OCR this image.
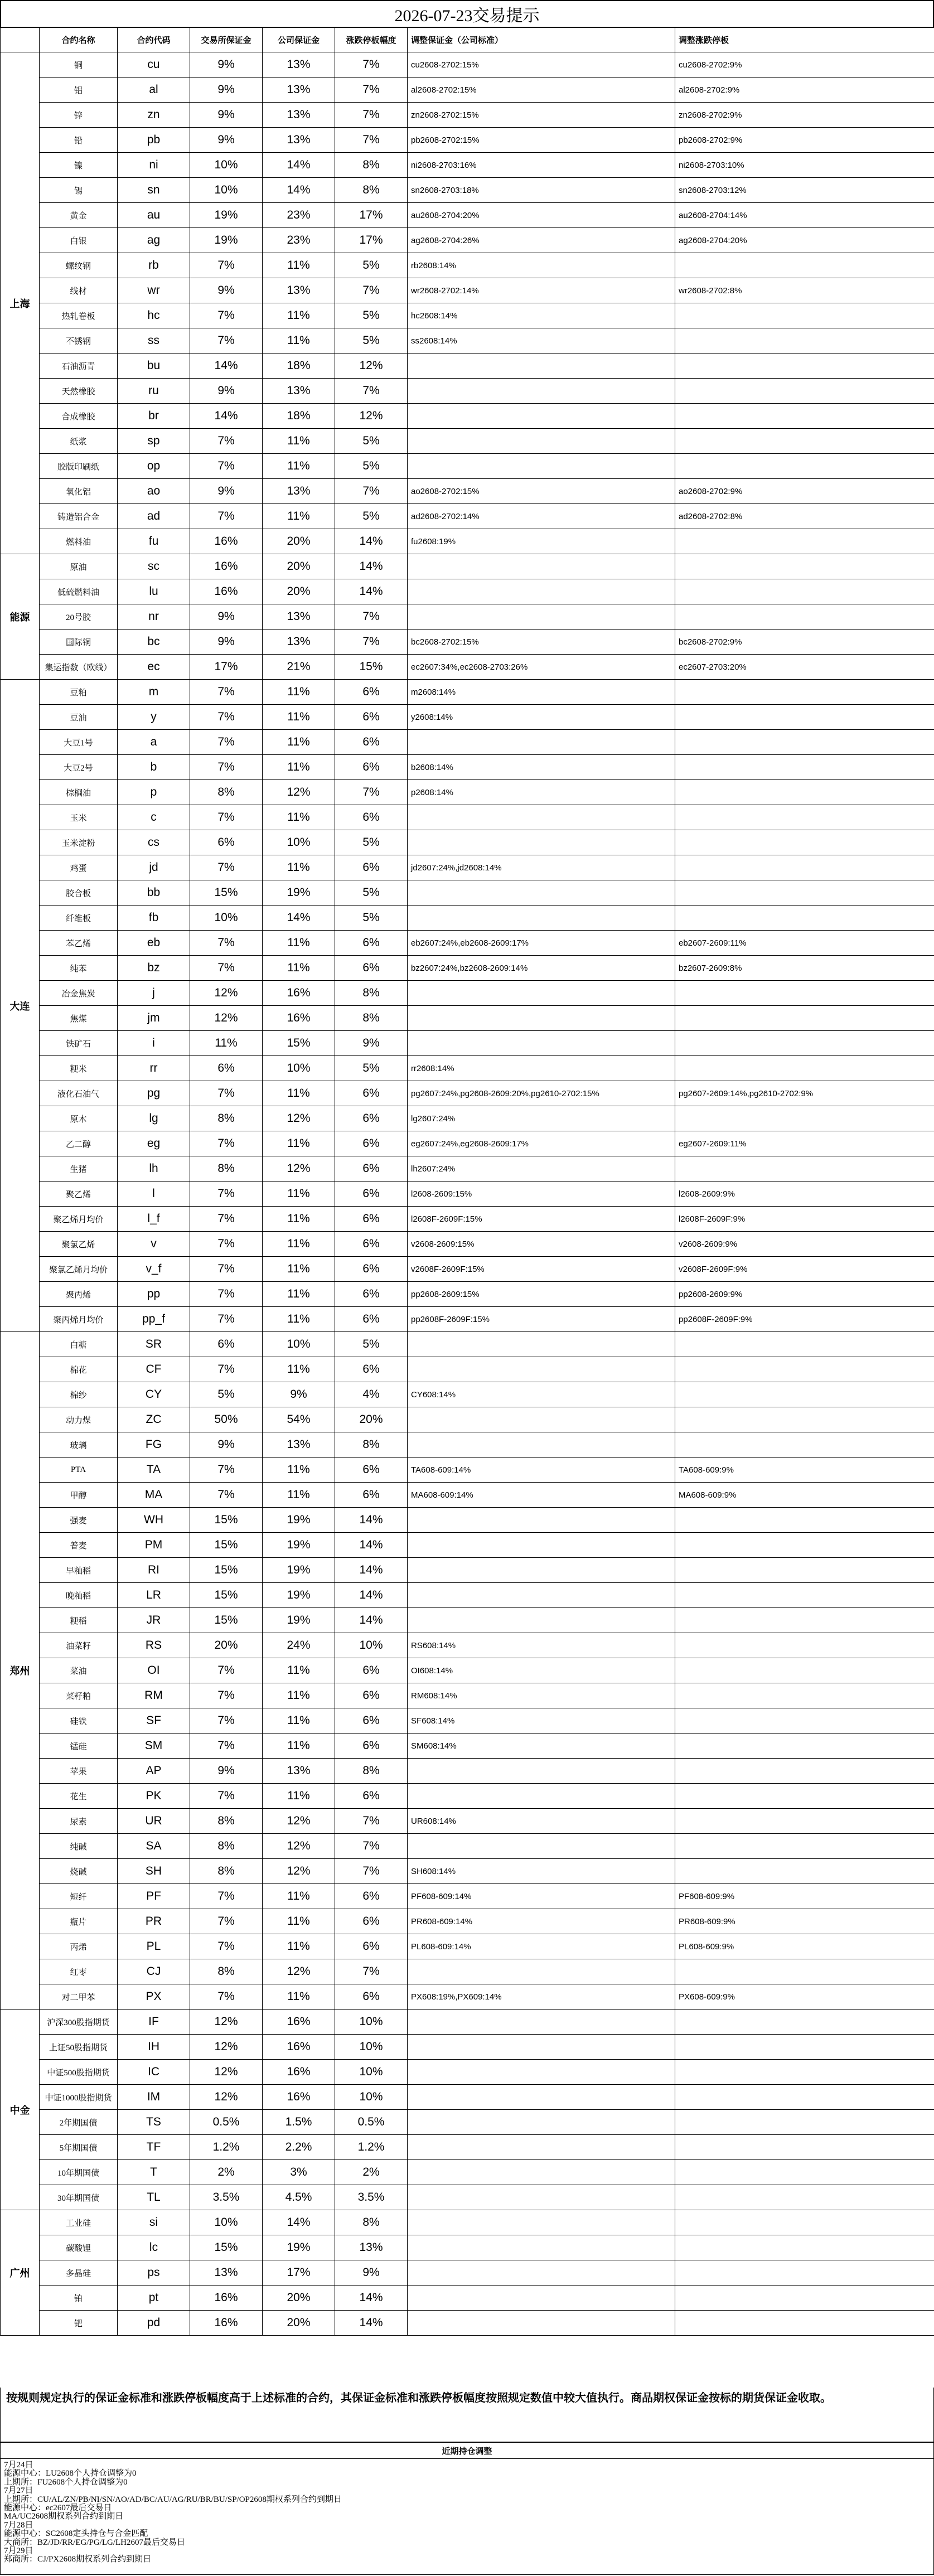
2026-07-23交易提示
	合约名称	合约代码	交易所保证金	公司保证金	涨跌停板幅度	调整保证金（公司标准）	调整涨跌停板
上海	铜	cu	9%	13%	7%	cu2608-2702:15%	cu2608-2702:9%
	铝	al	9%	13%	7%	al2608-2702:15%	al2608-2702:9%
	锌	zn	9%	13%	7%	zn2608-2702:15%	zn2608-2702:9%
	铅	pb	9%	13%	7%	pb2608-2702:15%	pb2608-2702:9%
	镍	ni	10%	14%	8%	ni2608-2703:16%	ni2608-2703:10%
	锡	sn	10%	14%	8%	sn2608-2703:18%	sn2608-2703:12%
	黄金	au	19%	23%	17%	au2608-2704:20%	au2608-2704:14%
	白银	ag	19%	23%	17%	ag2608-2704:26%	ag2608-2704:20%
	螺纹钢	rb	7%	11%	5%	rb2608:14%	
	线材	wr	9%	13%	7%	wr2608-2702:14%	wr2608-2702:8%
	热轧卷板	hc	7%	11%	5%	hc2608:14%	
	不锈钢	ss	7%	11%	5%	ss2608:14%	
	石油沥青	bu	14%	18%	12%		
	天然橡胶	ru	9%	13%	7%		
	合成橡胶	br	14%	18%	12%		
	纸浆	sp	7%	11%	5%		
	胶版印刷纸	op	7%	11%	5%		
	氧化铝	ao	9%	13%	7%	ao2608-2702:15%	ao2608-2702:9%
	铸造铝合金	ad	7%	11%	5%	ad2608-2702:14%	ad2608-2702:8%
	燃料油	fu	16%	20%	14%	fu2608:19%	
能源	原油	sc	16%	20%	14%		
	低硫燃料油	lu	16%	20%	14%		
	20号胶	nr	9%	13%	7%		
	国际铜	bc	9%	13%	7%	bc2608-2702:15%	bc2608-2702:9%
	集运指数（欧线）	ec	17%	21%	15%	ec2607:34%,ec2608-2703:26%	ec2607-2703:20%
大连	豆粕	m	7%	11%	6%	m2608:14%	
	豆油	y	7%	11%	6%	y2608:14%	
	大豆1号	a	7%	11%	6%		
	大豆2号	b	7%	11%	6%	b2608:14%	
	棕榈油	p	8%	12%	7%	p2608:14%	
	玉米	c	7%	11%	6%		
	玉米淀粉	cs	6%	10%	5%		
	鸡蛋	jd	7%	11%	6%	jd2607:24%,jd2608:14%	
	胶合板	bb	15%	19%	5%		
	纤维板	fb	10%	14%	5%		
	苯乙烯	eb	7%	11%	6%	eb2607:24%,eb2608-2609:17%	eb2607-2609:11%
	纯苯	bz	7%	11%	6%	bz2607:24%,bz2608-2609:14%	bz2607-2609:8%
	冶金焦炭	j	12%	16%	8%		
	焦煤	jm	12%	16%	8%		
	铁矿石	i	11%	15%	9%		
	粳米	rr	6%	10%	5%	rr2608:14%	
	液化石油气	pg	7%	11%	6%	pg2607:24%,pg2608-2609:20%,pg2610-2702:15%	pg2607-2609:14%,pg2610-2702:9%
	原木	lg	8%	12%	6%	lg2607:24%	
	乙二醇	eg	7%	11%	6%	eg2607:24%,eg2608-2609:17%	eg2607-2609:11%
	生猪	lh	8%	12%	6%	lh2607:24%	
	聚乙烯	l	7%	11%	6%	l2608-2609:15%	l2608-2609:9%
	聚乙烯月均价	l_f	7%	11%	6%	l2608F-2609F:15%	l2608F-2609F:9%
	聚氯乙烯	v	7%	11%	6%	v2608-2609:15%	v2608-2609:9%
	聚氯乙烯月均价	v_f	7%	11%	6%	v2608F-2609F:15%	v2608F-2609F:9%
	聚丙烯	pp	7%	11%	6%	pp2608-2609:15%	pp2608-2609:9%
	聚丙烯月均价	pp_f	7%	11%	6%	pp2608F-2609F:15%	pp2608F-2609F:9%
郑州	白糖	SR	6%	10%	5%		
	棉花	CF	7%	11%	6%		
	棉纱	CY	5%	9%	4%	CY608:14%	
	动力煤	ZC	50%	54%	20%		
	玻璃	FG	9%	13%	8%		
	PTA	TA	7%	11%	6%	TA608-609:14%	TA608-609:9%
	甲醇	MA	7%	11%	6%	MA608-609:14%	MA608-609:9%
	强麦	WH	15%	19%	14%		
	普麦	PM	15%	19%	14%		
	早籼稻	RI	15%	19%	14%		
	晚籼稻	LR	15%	19%	14%		
	粳稻	JR	15%	19%	14%		
	油菜籽	RS	20%	24%	10%	RS608:14%	
	菜油	OI	7%	11%	6%	OI608:14%	
	菜籽粕	RM	7%	11%	6%	RM608:14%	
	硅铁	SF	7%	11%	6%	SF608:14%	
	锰硅	SM	7%	11%	6%	SM608:14%	
	苹果	AP	9%	13%	8%		
	花生	PK	7%	11%	6%		
	尿素	UR	8%	12%	7%	UR608:14%	
	纯碱	SA	8%	12%	7%		
	烧碱	SH	8%	12%	7%	SH608:14%	
	短纤	PF	7%	11%	6%	PF608-609:14%	PF608-609:9%
	瓶片	PR	7%	11%	6%	PR608-609:14%	PR608-609:9%
	丙烯	PL	7%	11%	6%	PL608-609:14%	PL608-609:9%
	红枣	CJ	8%	12%	7%		
	对二甲苯	PX	7%	11%	6%	PX608:19%,PX609:14%	PX608-609:9%
中金	沪深300股指期货	IF	12%	16%	10%		
	上证50股指期货	IH	12%	16%	10%		
	中证500股指期货	IC	12%	16%	10%		
	中证1000股指期货	IM	12%	16%	10%		
	2年期国债	TS	0.5%	1.5%	0.5%		
	5年期国债	TF	1.2%	2.2%	1.2%		
	10年期国债	T	2%	3%	2%		
	30年期国债	TL	3.5%	4.5%	3.5%		
广州	工业硅	si	10%	14%	8%		
	碳酸锂	lc	15%	19%	13%		
	多晶硅	ps	13%	17%	9%		
	铂	pt	16%	20%	14%		
	钯	pd	16%	20%	14%		
按规则规定执行的保证金标准和涨跌停板幅度高于上述标准的合约，其保证金标准和涨跌停板幅度按照规定数值中较大值执行。商品期权保证金按标的期货保证金收取。
近期持仓调整
7月24日
能源中心：LU2608个人持仓调整为0
上期所：FU2608个人持仓调整为0
7月27日
上期所：CU/AL/ZN/PB/NI/SN/AO/AD/BC/AU/AG/RU/BR/BU/SP/OP2608期权系列合约到期日
能源中心：ec2607最后交易日
MA/UC2608期权系列合约到期日
7月28日
能源中心：SC2608定头持仓与合金匹配
大商所：BZ/JD/RR/EG/PG/LG/LH2607最后交易日
7月29日
郑商所：CJ/PX2608期权系列合约到期日
